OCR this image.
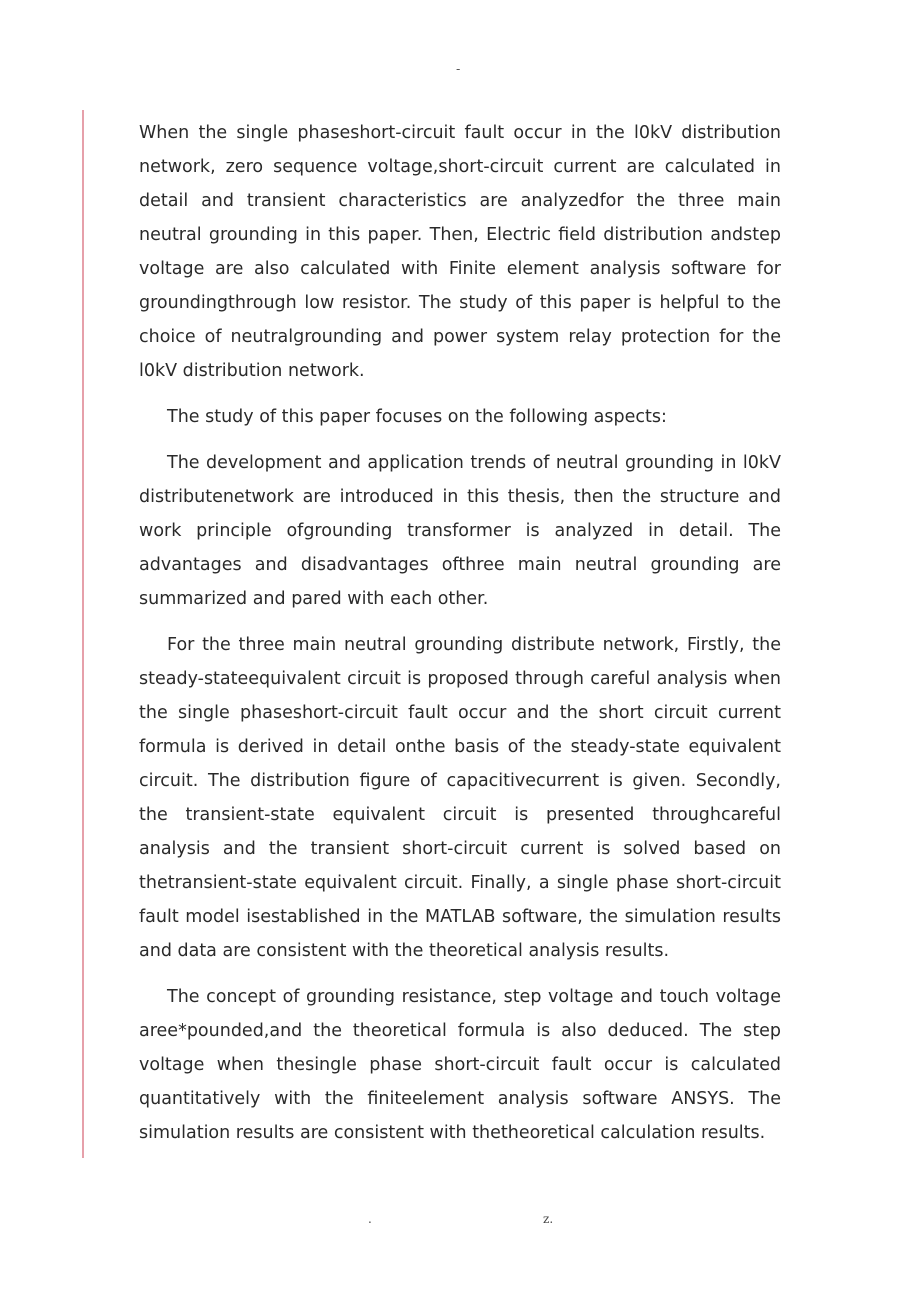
-

When the single phaseshort-circuit fault occur in the l0kV distribution network, zero sequence voltage,short-circuit current are calculated in detail and transient characteristics are analyzedfor the three main neutral grounding in this paper. Then, Electric field distribution andstep voltage are also calculated with Finite element analysis software for groundingthrough low resistor. The study of this paper is helpful to the choice of neutralgrounding and power system relay protection for the l0kV distribution network.

The study of this paper focuses on the following aspects:

The development and application trends of neutral grounding in l0kV distributenetwork are introduced in this thesis, then the structure and work principle ofgrounding transformer is analyzed in detail. The advantages and disadvantages ofthree main neutral grounding are summarized and pared with each other.

For the three main neutral grounding distribute network, Firstly, the steady-stateequivalent circuit is proposed through careful analysis when the single phaseshort-circuit fault occur and the short circuit current formula is derived in detail onthe basis of the steady-state equivalent circuit. The distribution figure of capacitivecurrent is given. Secondly, the transient-state equivalent circuit is presented throughcareful analysis and the transient short-circuit current is solved based on thetransient-state equivalent circuit. Finally, a single phase short-circuit fault model isestablished in the MATLAB software, the simulation results and data are consistent with the theoretical analysis results.

The concept of grounding resistance, step voltage and touch voltage aree*pounded,and the theoretical formula is also deduced. The step voltage when thesingle phase short-circuit fault occur is calculated quantitatively with the finiteelement analysis software ANSYS. The simulation results are consistent with thetheoretical calculation results.

.	z.
